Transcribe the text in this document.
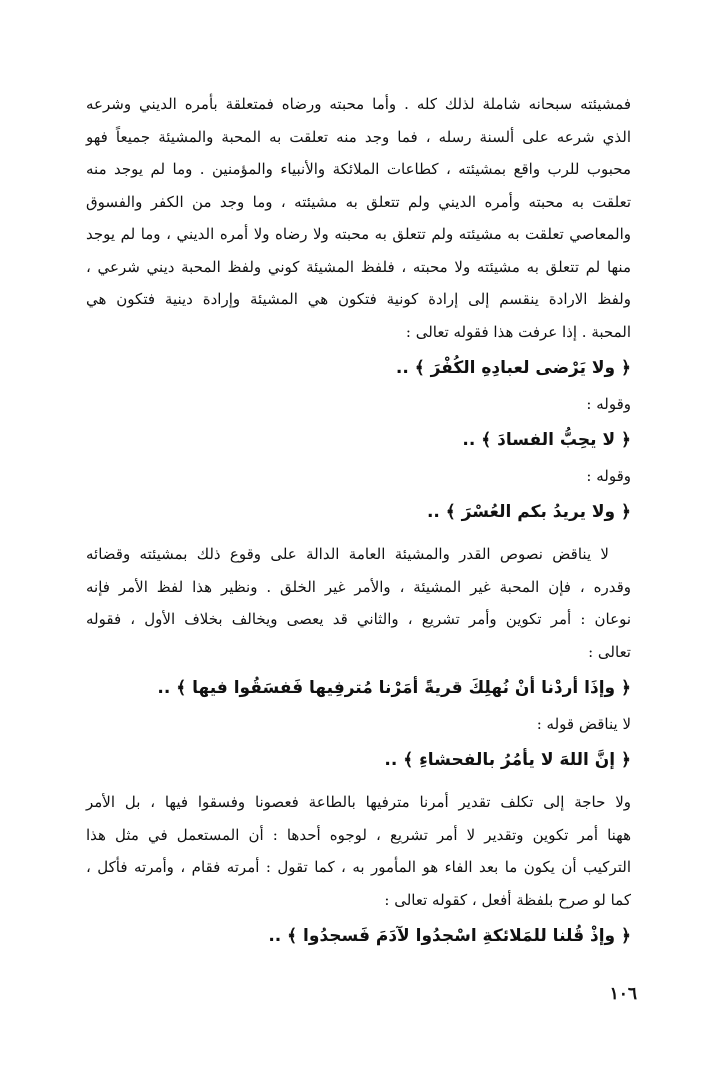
فمشيئته سبحانه شاملة لذلك كله . وأما محبته ورضاه فمتعلقة بأمره الديني وشرعه
الذي شرعه على ألسنة رسله ، فما وجد منه تعلقت به المحبة والمشيئة جميعاً فهو
محبوب للرب واقع بمشيئته ، كطاعات الملائكة والأنبياء والمؤمنين . وما لم يوجد منه
تعلقت به محبته وأمره الديني ولم تتعلق به مشيئته ، وما وجد من الكفر والفسوق
والمعاصي تعلقت به مشيئته ولم تتعلق به محبته ولا رضاه ولا أمره الديني ، وما لم يوجد
منها لم تتعلق به مشيئته ولا محبته ، فلفظ المشيئة كوني ولفظ المحبة ديني شرعي ،
ولفظ الارادة ينقسم إلى إرادة كونية فتكون هي المشيئة وإرادة دينية فتكون هي
المحبة . إذا عرفت هذا فقوله تعالى :

﴿ ولا يَرْضى لعبادِهِ الكُفْرَ ﴾ ..

وقوله :

﴿ لا يحِبُّ الفسادَ ﴾ ..

وقوله :

﴿ ولا يريدُ بكم العُسْرَ ﴾ ..

لا يناقض نصوص القدر والمشيئة العامة الدالة على وقوع ذلك بمشيئته وقضائه
وقدره ، فإن المحبة غير المشيئة ، والأمر غير الخلق . ونظير هذا لفظ الأمر فإنه
نوعان : أمر تكوين وأمر تشريع ، والثاني قد يعصى ويخالف بخلاف الأول ، فقوله
تعالى :

﴿ وإذَا أردْنا أنْ نُهلِكَ قريةً أمَرْنا مُترفِيها فَفسَقُوا فيها ﴾ ..

لا يناقض قوله :

﴿ إنَّ اللهَ لا يأمُرُ بالفحشاءِ ﴾ ..

ولا حاجة إلى تكلف تقدير أمرنا مترفيها بالطاعة فعصونا وفسقوا فيها ، بل الأمر
ههنا أمر تكوين وتقدير لا أمر تشريع ، لوجوه أحدها : أن المستعمل في مثل هذا
التركيب أن يكون ما بعد الفاء هو المأمور به ، كما تقول : أمرته فقام ، وأمرته فأكل ،
كما لو صرح بلفظة أفعل ، كقوله تعالى :

﴿ وإذْ قُلنا للمَلائكةِ اسْجدُوا لآدَمَ فَسجدُوا ﴾ ..

١٠٦
